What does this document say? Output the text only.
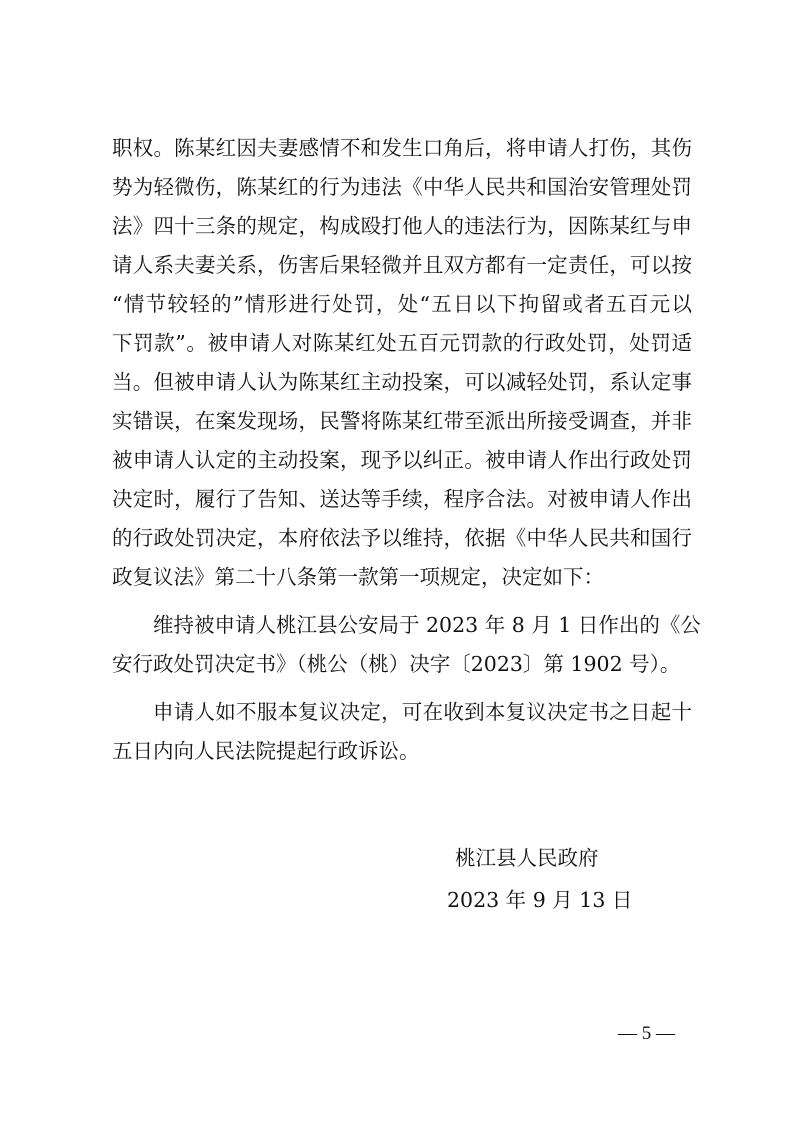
职权。陈某红因夫妻感情不和发生口角后，将申请人打伤，其伤
势为轻微伤，陈某红的行为违法《中华人民共和国治安管理处罚
法》四十三条的规定，构成殴打他人的违法行为，因陈某红与申
请人系夫妻关系，伤害后果轻微并且双方都有一定责任，可以按
“情节较轻的”情形进行处罚，处“五日以下拘留或者五百元以
下罚款”。被申请人对陈某红处五百元罚款的行政处罚，处罚适
当。但被申请人认为陈某红主动投案，可以减轻处罚，系认定事
实错误，在案发现场，民警将陈某红带至派出所接受调查，并非
被申请人认定的主动投案，现予以纠正。被申请人作出行政处罚
决定时，履行了告知、送达等手续，程序合法。对被申请人作出
的行政处罚决定，本府依法予以维持，依据《中华人民共和国行
政复议法》第二十八条第一款第一项规定，决定如下：
维持被申请人桃江县公安局于 2023 年 8 月 1 日作出的《公
安行政处罚决定书》（桃公（桃）决字〔2023〕第 1902 号）。
申请人如不服本复议决定，可在收到本复议决定书之日起十
五日内向人民法院提起行政诉讼。
桃江县人民政府
2023 年 9 月 13 日
— 5 —
